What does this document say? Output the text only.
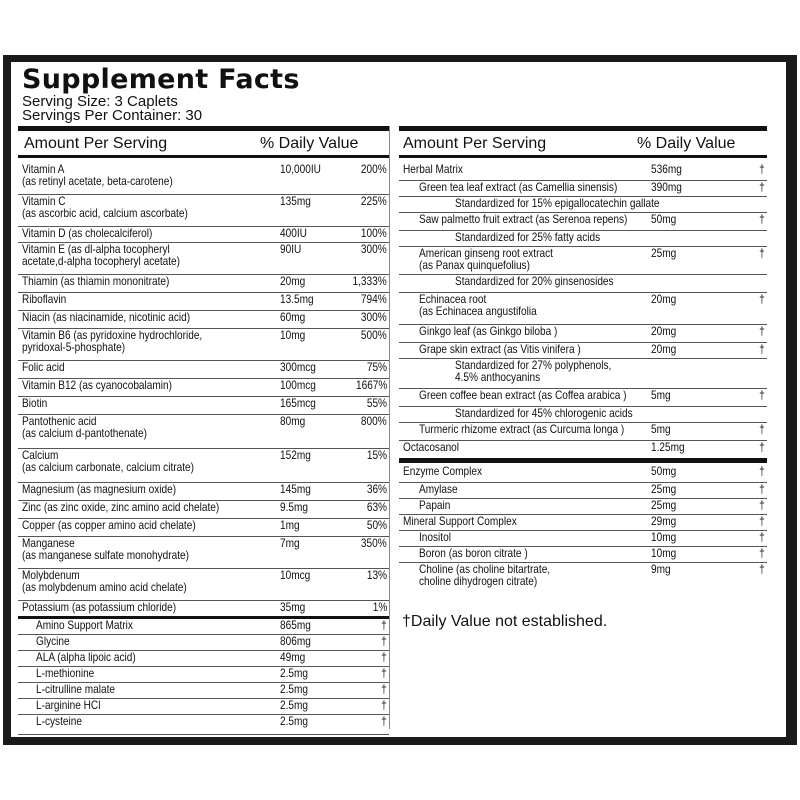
Supplement Facts
Serving Size: 3 Caplets
Servings Per Container: 30
Amount Per Serving	% Daily Value
Vitamin A
(as retinyl acetate, beta-carotene)
10,000IU	200%
Vitamin C
(as ascorbic acid, calcium ascorbate)
135mg	225%
Vitamin D (as cholecalciferol)	400IU	100%
Vitamin E (as dl-alpha tocopheryl
acetate,d-alpha tocopheryl acetate)
90IU	300%
Thiamin (as thiamin mononitrate)	20mg	1,333%
Riboflavin	13.5mg	794%
Niacin (as niacinamide, nicotinic acid)	60mg	300%
Vitamin B6 (as pyridoxine hydrochloride,
pyridoxal-5-phosphate)
10mg	500%
Folic acid	300mcg	75%
Vitamin B12 (as cyanocobalamin)	100mcg	1667%
Biotin	165mcg	55%
Pantothenic acid
(as calcium d-pantothenate)
80mg	800%
Calcium
(as calcium carbonate, calcium citrate)
152mg	15%
Magnesium (as magnesium oxide)	145mg	36%
Zinc (as zinc oxide, zinc amino acid chelate)	9.5mg	63%
Copper (as copper amino acid chelate)	1mg	50%
Manganese
(as manganese sulfate monohydrate)
7mg	350%
Molybdenum
(as molybdenum amino acid chelate)
10mcg	13%
Potassium (as potassium chloride)	35mg	1%
Amino Support Matrix	865mg	†
Glycine	806mg	†
ALA (alpha lipoic acid)	49mg	†
L-methionine	2.5mg	†
L-citrulline malate	2.5mg	†
L-arginine HCl	2.5mg	†
L-cysteine	2.5mg	†
Amount Per Serving	% Daily Value
Herbal Matrix	536mg	†
Green tea leaf extract (as Camellia sinensis)	390mg	†
Standardized for 15% epigallocatechin gallate
Saw palmetto fruit extract (as Serenoa repens) 50mg	†
Standardized for 25% fatty acids
American ginseng root extract
(as Panax quinquefolius)
25mg	†
Standardized for 20% ginsenosides
Echinacea root
(as Echinacea angustifolia
20mg	†
Ginkgo leaf (as Ginkgo biloba )	20mg	†
Grape skin extract (as Vitis vinifera )	20mg	†
Standardized for 27% polyphenols,
4.5% anthocyanins
Green coffee bean extract (as Coffea arabica ) 5mg	†
Standardized for 45% chlorogenic acids
Turmeric rhizome extract (as Curcuma longa ) 5mg	†
Octacosanol	1.25mg	†
Enzyme Complex	50mg	†
Amylase	25mg	†
Papain	25mg	†
Mineral Support Complex	29mg	†
Inositol	10mg	†
Boron (as boron citrate )	10mg	†
Choline (as choline bitartrate,
choline dihydrogen citrate)
9mg	†
†Daily Value not established.
